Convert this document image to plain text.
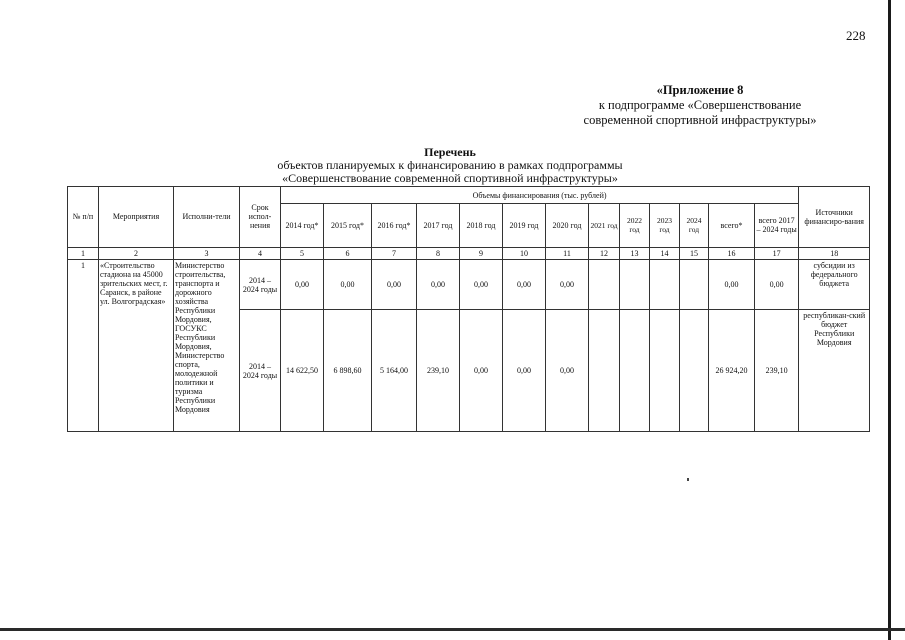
228
«Приложение 8
к подпрограмме «Совершенствование
современной спортивной инфраструктуры»
Перечень
объектов планируемых к финансированию в рамках подпрограммы
«Совершенствование современной спортивной инфраструктуры»
№ п/п	Мероприятия	Исполни-тели	Срок испол-нения	Объемы финансирования (тыс. рублей)													Источники финансиро-вания
				2014 год*	2015 год*	2016 год*	2017 год	2018 год	2019 год	2020 год	2021 год	2022 год	2023 год	2024 год	всего*	всего 2017 – 2024 годы	
1	2	3	4	5	6	7	8	9	10	11	12	13	14	15	16	17	18
1	«Строительство стадиона на 45000 зрительских мест, г. Саранск, в районе ул. Волгоградская»	Министерство строительства, транспорта и дорожного хозяйства Республики Мордовия, ГОСУКС Республики Мордовия, Министерство спорта, молодежной политики и туризма Республики Мордовия	2014 – 2024 годы	0,00	0,00	0,00	0,00	0,00	0,00	0,00					0,00	0,00	субсидии из федерального бюджета
			2014 – 2024 годы	14 622,50	6 898,60	5 164,00	239,10	0,00	0,00	0,00					26 924,20	239,10	республикан-ский бюджет Республики Мордовия
